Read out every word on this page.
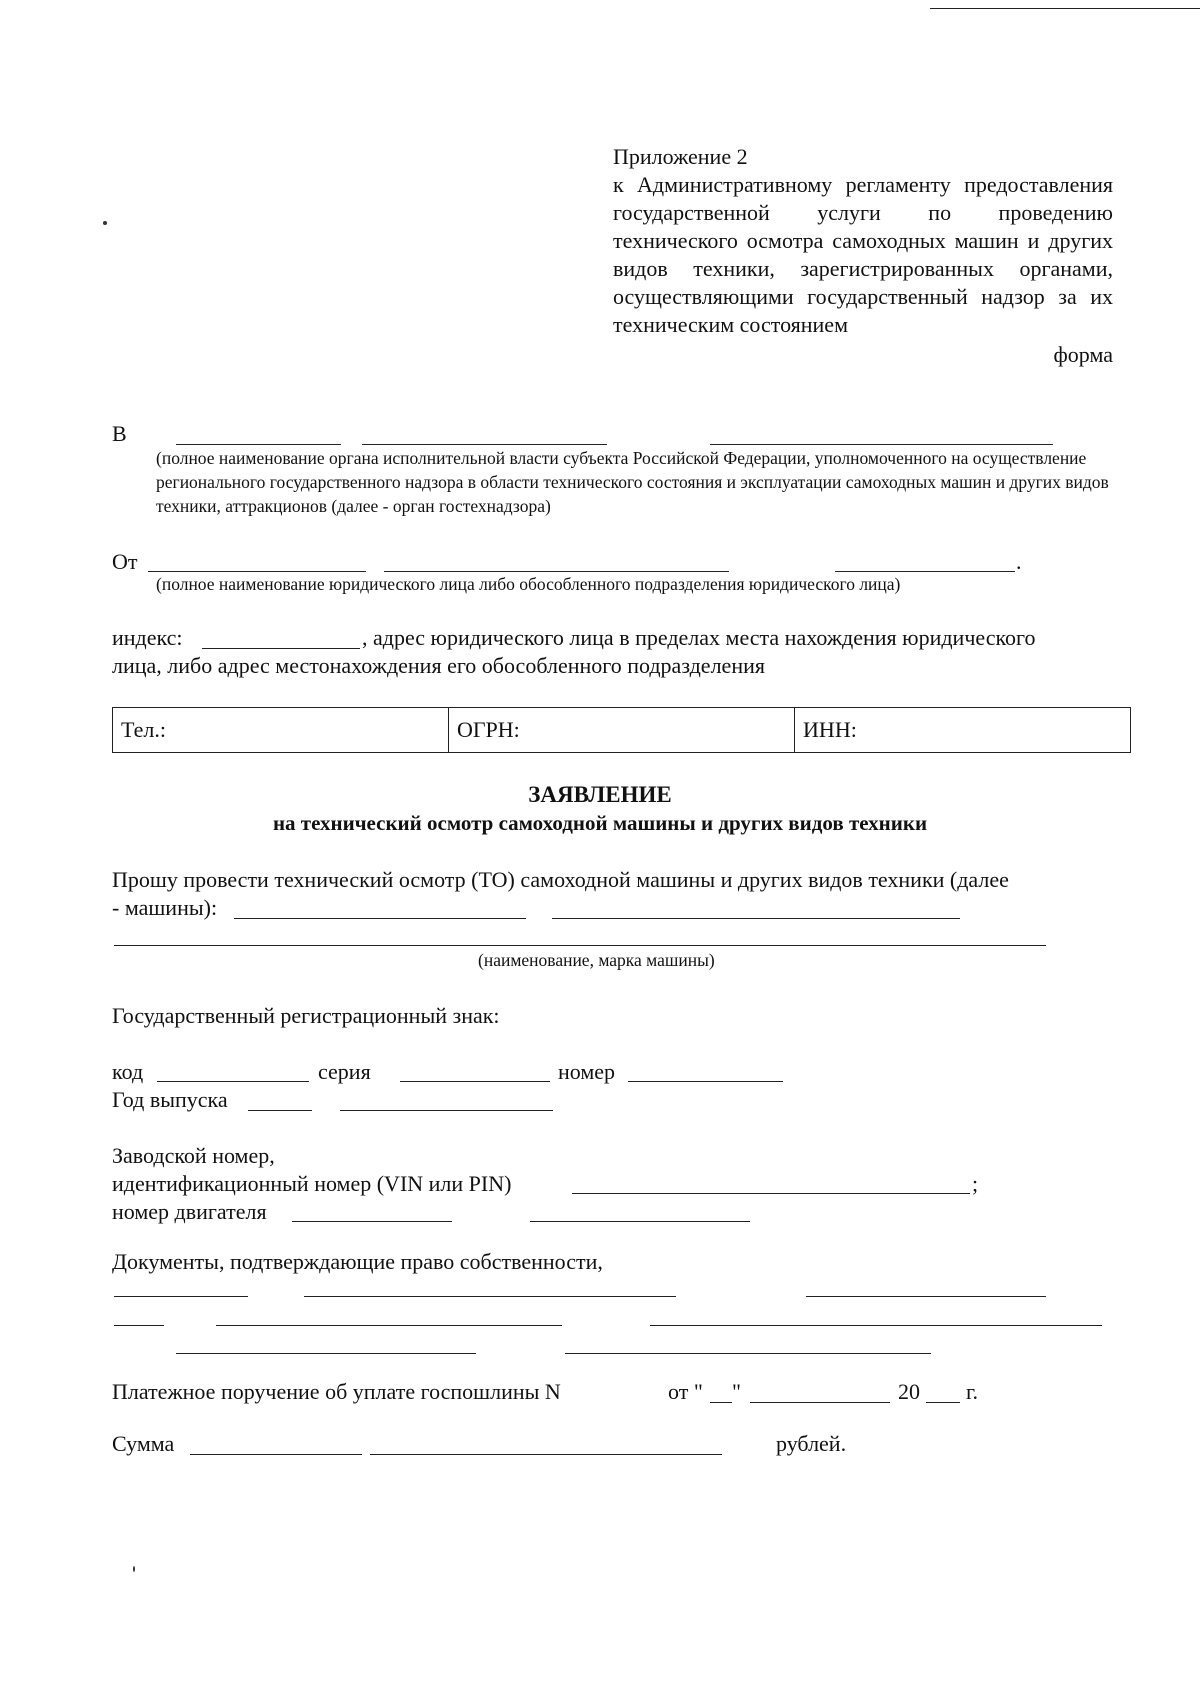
Приложение 2
к Административному регламенту предоставления государственной услуги по проведению технического осмотра самоходных машин и других видов техники, зарегистрированных органами, осуществляющими государственный надзор за их техническим состоянием
форма
В
(полное наименование органа исполнительной власти субъекта Российской Федерации, уполномоченного на осуществление регионального государственного надзора в области технического состояния и эксплуатации самоходных машин и других видов техники, аттракционов (далее - орган гостехнадзора)
От	.
(полное наименование юридического лица либо обособленного подразделения юридического лица)
индекс:	, адрес юридического лица в пределах места нахождения юридического
лица, либо адрес местонахождения его обособленного подразделения
Тел.:	ОГРН:	ИНН:
ЗАЯВЛЕНИЕ
на технический осмотр самоходной машины и других видов техники
Прошу провести технический осмотр (ТО) самоходной машины и других видов техники (далее
- машины):
(наименование, марка машины)
Государственный регистрационный знак:
код	серия	номер
Год выпуска
Заводской номер,
идентификационный номер (VIN или PIN)	;
номер двигателя
Документы, подтверждающие право собственности,
Платежное поручение об уплате госпошлины N	от " "	20 г.
Сумма	рублей.
